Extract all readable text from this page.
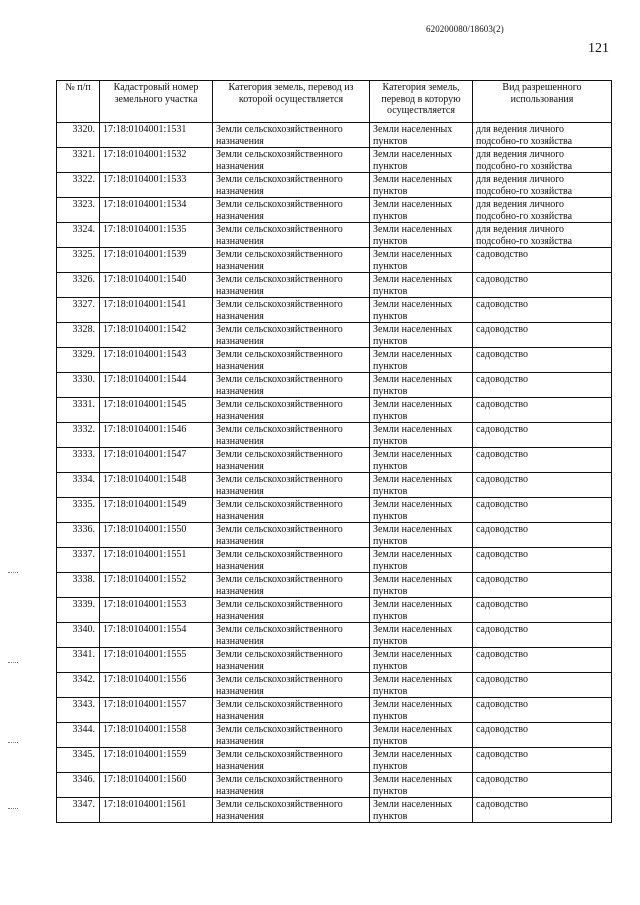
620200080/18603(2)
121
№ п/п	Кадастровый номер земельного участка	Категория земель, перевод из которой осуществляется	Категория земель, перевод в которую осуществляется	Вид разрешенного использования
3320.	17:18:0104001:1531	Земли сельскохозяйственного назначения	Земли населенных пунктов	для ведения личного подсобно-го хозяйства
3321.	17:18:0104001:1532	Земли сельскохозяйственного назначения	Земли населенных пунктов	для ведения личного подсобно-го хозяйства
3322.	17:18:0104001:1533	Земли сельскохозяйственного назначения	Земли населенных пунктов	для ведения личного подсобно-го хозяйства
3323.	17:18:0104001:1534	Земли сельскохозяйственного назначения	Земли населенных пунктов	для ведения личного подсобно-го хозяйства
3324.	17:18:0104001:1535	Земли сельскохозяйственного назначения	Земли населенных пунктов	для ведения личного подсобно-го хозяйства
3325.	17:18:0104001:1539	Земли сельскохозяйственного назначения	Земли населенных пунктов	садоводство
3326.	17:18:0104001:1540	Земли сельскохозяйственного назначения	Земли населенных пунктов	садоводство
3327.	17:18:0104001:1541	Земли сельскохозяйственного назначения	Земли населенных пунктов	садоводство
3328.	17:18:0104001:1542	Земли сельскохозяйственного назначения	Земли населенных пунктов	садоводство
3329.	17:18:0104001:1543	Земли сельскохозяйственного назначения	Земли населенных пунктов	садоводство
3330.	17:18:0104001:1544	Земли сельскохозяйственного назначения	Земли населенных пунктов	садоводство
3331.	17:18:0104001:1545	Земли сельскохозяйственного назначения	Земли населенных пунктов	садоводство
3332.	17:18:0104001:1546	Земли сельскохозяйственного назначения	Земли населенных пунктов	садоводство
3333.	17:18:0104001:1547	Земли сельскохозяйственного назначения	Земли населенных пунктов	садоводство
3334.	17:18:0104001:1548	Земли сельскохозяйственного назначения	Земли населенных пунктов	садоводство
3335.	17:18:0104001:1549	Земли сельскохозяйственного назначения	Земли населенных пунктов	садоводство
3336.	17:18:0104001:1550	Земли сельскохозяйственного назначения	Земли населенных пунктов	садоводство
3337.	17:18:0104001:1551	Земли сельскохозяйственного назначения	Земли населенных пунктов	садоводство
3338.	17:18:0104001:1552	Земли сельскохозяйственного назначения	Земли населенных пунктов	садоводство
3339.	17:18:0104001:1553	Земли сельскохозяйственного назначения	Земли населенных пунктов	садоводство
3340.	17:18:0104001:1554	Земли сельскохозяйственного назначения	Земли населенных пунктов	садоводство
3341.	17:18:0104001:1555	Земли сельскохозяйственного назначения	Земли населенных пунктов	садоводство
3342.	17:18:0104001:1556	Земли сельскохозяйственного назначения	Земли населенных пунктов	садоводство
3343.	17:18:0104001:1557	Земли сельскохозяйственного назначения	Земли населенных пунктов	садоводство
3344.	17:18:0104001:1558	Земли сельскохозяйственного назначения	Земли населенных пунктов	садоводство
3345.	17:18:0104001:1559	Земли сельскохозяйственного назначения	Земли населенных пунктов	садоводство
3346.	17:18:0104001:1560	Земли сельскохозяйственного назначения	Земли населенных пунктов	садоводство
3347.	17:18:0104001:1561	Земли сельскохозяйственного назначения	Земли населенных пунктов	садоводство
